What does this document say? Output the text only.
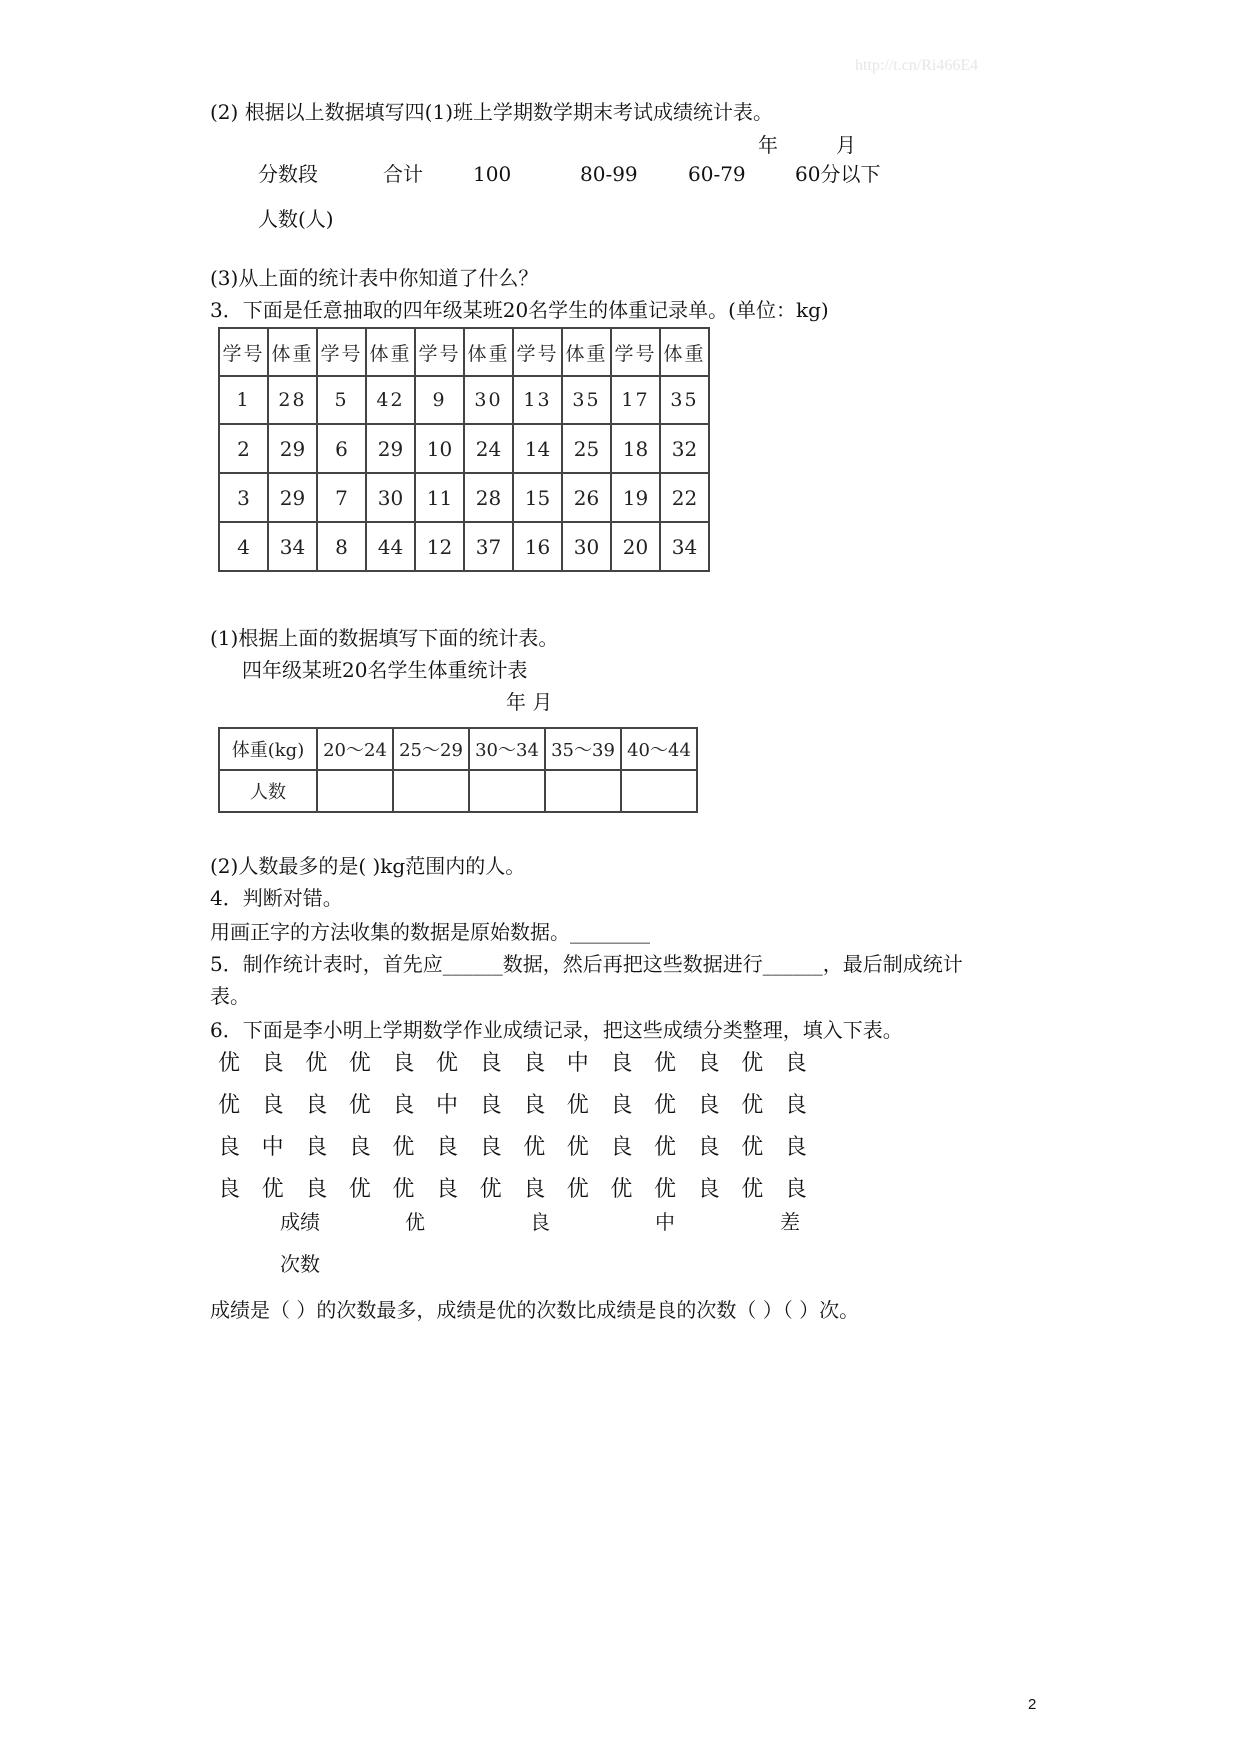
http://t.cn/Ri466E4
(2) 根据以上数据填写四(1)班上学期数学期末考试成绩统计表。
年	月
分数段	合计	100	80-99	60-79 60分以下
人数(人)
(3)从上面的统计表中你知道了什么？
3．下面是任意抽取的四年级某班20名学生的体重记录单。(单位：kg)
学号	体重	学号	体重	学号	体重	学号	体重	学号	体重
1	28	5	42	9	30	13	35	17	35
2	29	6	29	10	24	14	25	18	32
3	29	7	30	11	28	15	26	19	22
4	34	8	44	12	37	16	30	20	34
(1)根据上面的数据填写下面的统计表。
四年级某班20名学生体重统计表
年 月
体重(kg)	20～24	25～29	30～34	35～39	40～44
人数					
(2)人数最多的是( )kg范围内的人。
4．判断对错。
用画正字的方法收集的数据是原始数据。________
5．制作统计表时，首先应______数据，然后再把这些数据进行______，最后制成统计
表。
6．下面是李小明上学期数学作业成绩记录，把这些成绩分类整理，填入下表。
优 良 优 优 良 优 良 良 中 良 优 良 优 良
优 良 良 优 良 中 良 良 优 良 优 良 优 良
良 中 良 良 优 良 良 优 优 良 优 良 优 良
良 优 良 优 优 良 优 良 优 优 优 良 优 良
成绩	优	良	中	差
次数
成绩是（ ）的次数最多，成绩是优的次数比成绩是良的次数（ ）（ ）次。
2
